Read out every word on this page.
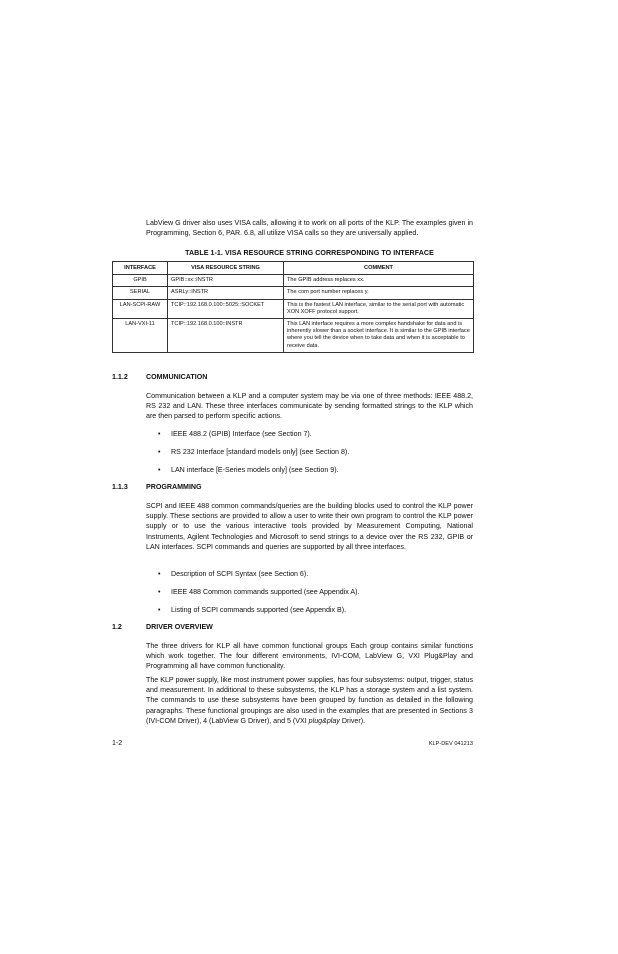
LabView G driver also uses VISA calls, allowing it to work on all ports of the KLP. The examples given in Programming, Section 6, PAR. 6.8, all utilize VISA calls so they are universally applied.

TABLE 1-1. VISA RESOURCE STRING CORRESPONDING TO INTERFACE
INTERFACE	VISA RESOURCE STRING	COMMENT
GPIB	GPIB::xx::INSTR	The GPIB address replaces xx.
SERIAL	ASRLy::INSTR	The com port number replaces y.
LAN-SCPI-RAW	TCIP::192.168.0.100::5025::SOCKET	This is the fastest LAN interface, similar to the serial port with automatic XON XOFF protocol support.
LAN-VXI-11	TCIP::192.168.0.100::INSTR	This LAN interface requires a more complex handshake for data and is inherently slower than a socket interface. It is similar to the GPIB interface where you tell the device when to take data and when it is acceptable to receive data.
1.1.2	COMMUNICATION

Communication between a KLP and a computer system may be via one of three methods: IEEE 488.2, RS 232 and LAN. These three interfaces communicate by sending formatted strings to the KLP which are then parsed to perform specific actions.

• IEEE 488.2 (GPIB) Interface (see Section 7).
• RS 232 Interface [standard models only] (see Section 8).
• LAN interface [E-Series models only] (see Section 9).
1.1.3	PROGRAMMING

SCPI and IEEE 488 common commands/queries are the building blocks used to control the KLP power supply. These sections are provided to allow a user to write their own program to control the KLP power supply or to use the various interactive tools provided by Measurement Computing, National Instruments, Agilent Technologies and Microsoft to send strings to a device over the RS 232, GPIB or LAN interfaces. SCPI commands and queries are supported by all three interfaces.

• Description of SCPI Syntax (see Section 6).
• IEEE 488 Common commands supported (see Appendix A).
• Listing of SCPI commands supported (see Appendix B).
1.2	DRIVER OVERVIEW

The three drivers for KLP all have common functional groups Each group contains similar functions which work together. The four different environments, IVI-COM, LabView G, VXI Plug&Play and Programming all have common functionality.

The KLP power supply, like most instrument power supplies, has four subsystems: output, trigger, status and measurement. In additional to these subsystems, the KLP has a storage system and a list system. The commands to use these subsystems have been grouped by function as detailed in the following paragraphs. These functional groupings are also used in the examples that are presented in Sections 3 (IVI-COM Driver), 4 (LabView G Driver), and 5 (VXI plug&play Driver).

1-2	KLP-DEV 041213
